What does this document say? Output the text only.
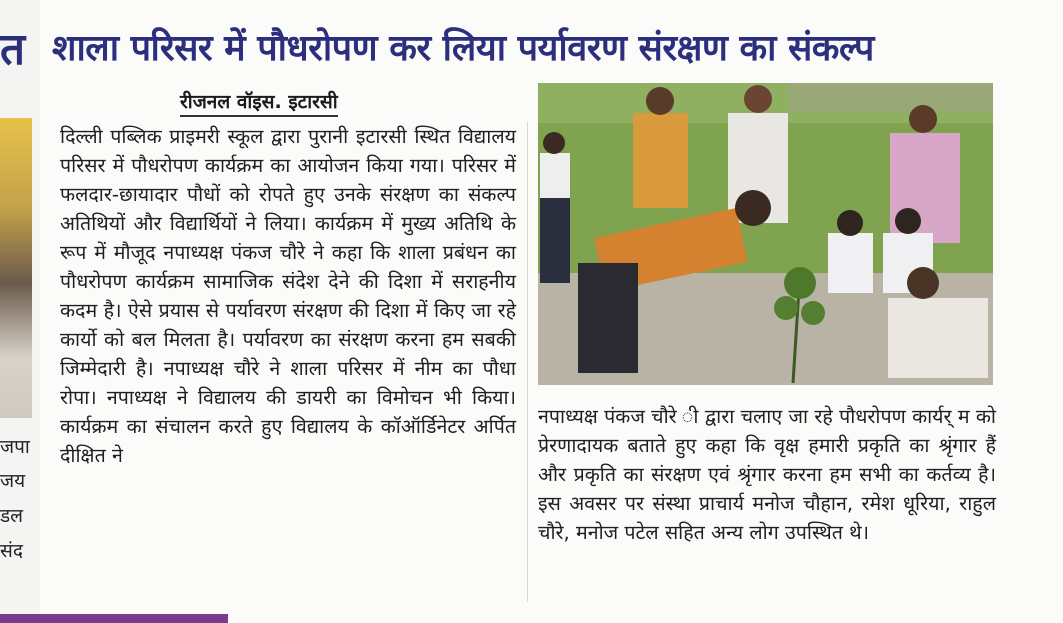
त
जपा
जय
डल
संद
शाला परिसर में पौधरोपण कर लिया पर्यावरण संरक्षण का संकल्प
रीजनल वॉइस. इटारसी
दिल्ली पब्लिक प्राइमरी स्कूल द्वारा पुरानी इटारसी स्थित विद्यालय परिसर में पौधरोपण कार्यक्रम का आयोजन किया गया। परिसर में फलदार-छायादार पौधों को रोपते हुए उनके संरक्षण का संकल्प अतिथियों और विद्यार्थियों ने लिया। कार्यक्रम में मुख्य अतिथि के रूप में मौजूद नपाध्यक्ष पंकज चौरे ने कहा कि शाला प्रबंधन का पौधरोपण कार्यक्रम सामाजिक संदेश देने की दिशा में सराहनीय कदम है। ऐसे प्रयास से पर्यावरण संरक्षण की दिशा में किए जा रहे कार्यो को बल मिलता है। पर्यावरण का संरक्षण करना हम सबकी जिम्मेदारी है। नपाध्यक्ष चौरे ने शाला परिसर में नीम का पौधा रोपा। नपाध्यक्ष ने विद्यालय की डायरी का विमोचन भी किया। कार्यक्रम का संचालन करते हुए विद्यालय के कॉऑर्डिनेटर अर्पित दीक्षित ने
नपाध्यक्ष पंकज चौरे ी द्वारा चलाए जा रहे पौधरोपण कार्यर् म को प्रेरणादायक बताते हुए कहा कि वृक्ष हमारी प्रकृति का श्रृंगार हैं और प्रकृति का संरक्षण एवं श्रृंगार करना हम सभी का कर्तव्य है। इस अवसर पर संस्था प्राचार्य मनोज चौहान, रमेश धूरिया, राहुल चौरे, मनोज पटेल सहित अन्य लोग उपस्थित थे।
